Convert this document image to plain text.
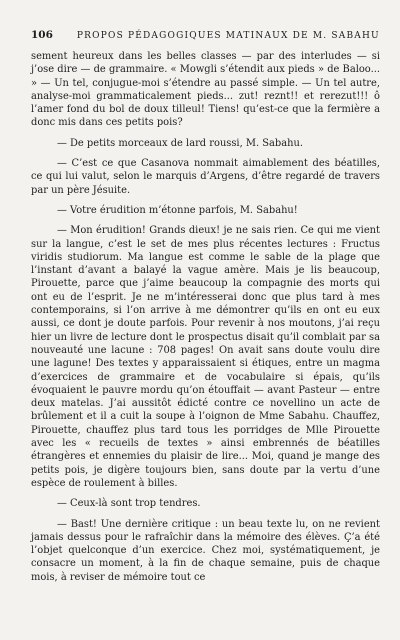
106	PROPOS PÉDAGOGIQUES MATINAUX DE M. SABAHU

sement heureux dans les belles classes — par des interludes — si j’ose dire — de grammaire. « Mowgli s’étendit aux pieds » de Baloo... » — Un tel, conjugue-moi s’étendre au passé simple. — Un tel autre, analyse-moi grammaticalement pieds... zut! reznt!! et rerezut!!! ô l’amer fond du bol de doux tilleul! Tiens! qu’est-ce que la fermière a donc mis dans ces petits pois?

— De petits morceaux de lard roussi, M. Sabahu.

— C’est ce que Casanova nommait aimablement des béatilles, ce qui lui valut, selon le marquis d’Argens, d’être regardé de travers par un père Jésuite.

— Votre érudition m’étonne parfois, M. Sabahu!

— Mon érudition! Grands dieux! je ne sais rien. Ce qui me vient sur la langue, c’est le set de mes plus récentes lectures : Fructus viridis studiorum. Ma langue est comme le sable de la plage que l’instant d’avant a balayé la vague amère. Mais je lis beaucoup, Pirouette, parce que j’aime beaucoup la compagnie des morts qui ont eu de l’esprit. Je ne m’intéresserai donc que plus tard à mes contemporains, si l’on arrive à me démontrer qu’ils en ont eu eux aussi, ce dont je doute parfois. Pour revenir à nos moutons, j’ai reçu hier un livre de lecture dont le prospectus disait qu’il comblait par sa nouveauté une lacune : 708 pages! On avait sans doute voulu dire une lagune! Des textes y apparaissaient si étiques, entre un magma d’exercices de grammaire et de vocabulaire si épais, qu’ils évoquaient le pauvre mordu qu’on étouffait — avant Pasteur — entre deux matelas. J’ai aussitôt édicté contre ce novellino un acte de brûlement et il a cuit la soupe à l’oignon de Mme Sabahu. Chauffez, Pirouette, chauffez plus tard tous les porridges de Mlle Pirouette avec les « recueils de textes » ainsi embrennés de béatilles étrangères et ennemies du plaisir de lire... Moi, quand je mange des petits pois, je digère toujours bien, sans doute par la vertu d’une espèce de roulement à billes.

— Ceux-là sont trop tendres.

— Bast! Une dernière critique : un beau texte lu, on ne revient jamais dessus pour le rafraîchir dans la mémoire des élèves. Ç’a été l’objet quelconque d’un exercice. Chez moi, systématiquement, je consacre un moment, à la fin de chaque semaine, puis de chaque mois, à reviser de mémoire tout ce
